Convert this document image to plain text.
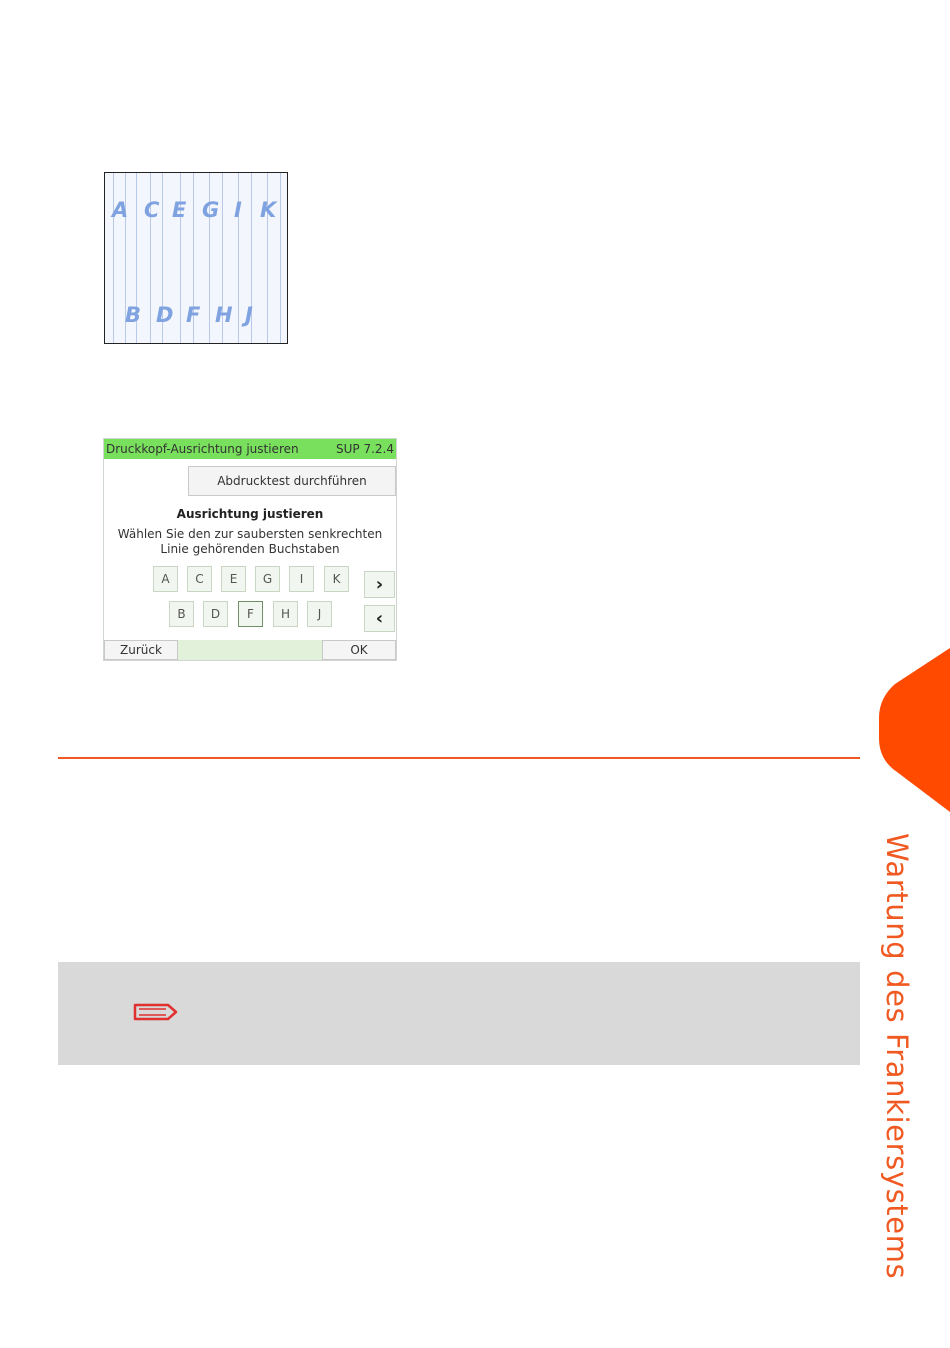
A C E G I K
B D F H J
Druckkopf-Ausrichtung justieren	SUP 7.2.4
Abdrucktest durchführen
Ausrichtung justieren
Wählen Sie den zur saubersten senkrechten
Linie gehörenden Buchstaben
A	C	E	G	I	K
B	D	F	H	J
›
‹
Zurück	OK
Wartung des Frankiersystems
